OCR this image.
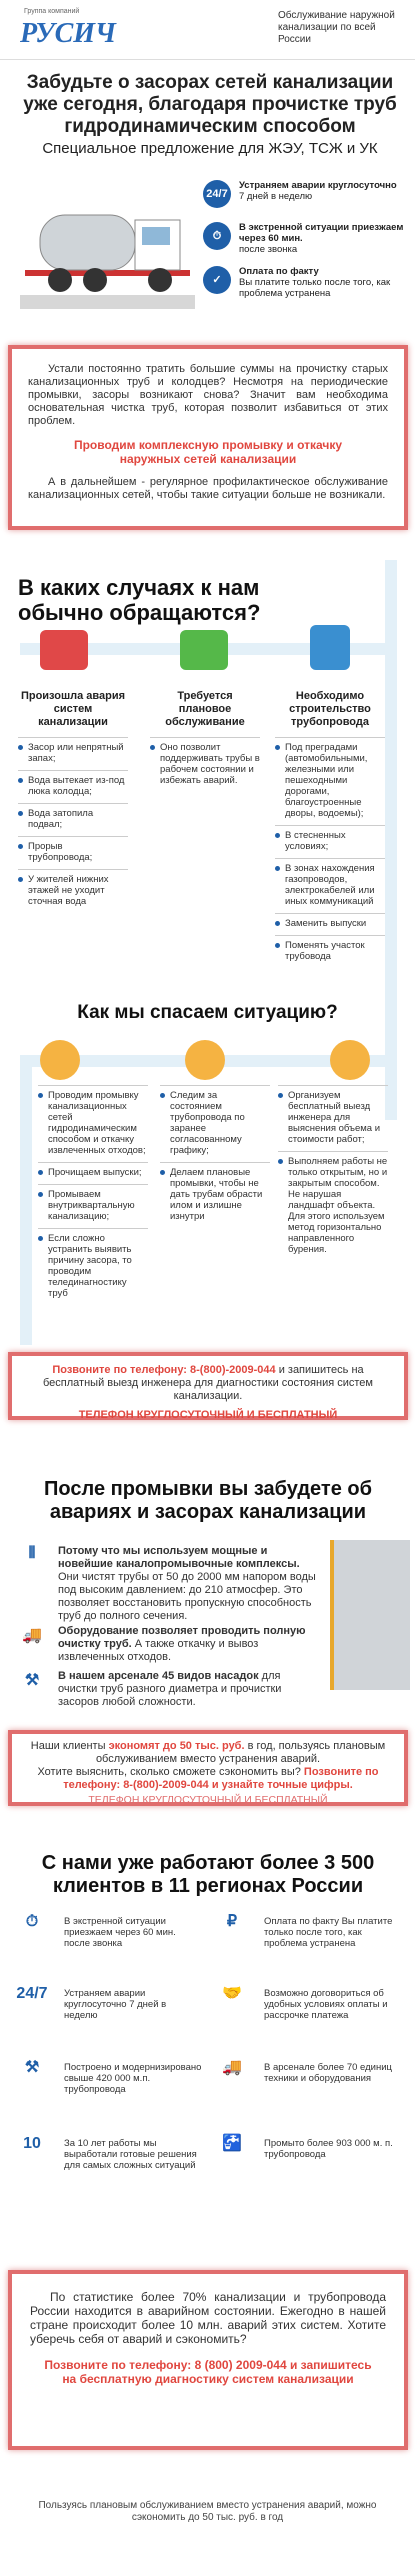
Группа компаний
РУСИЧ
Обслуживание наружной канализации по всей России
Забудьте о засорах сетей канализации уже сегодня, благодаря прочистке труб гидродинамическим способом
Специальное предложение для ЖЭУ, ТСЖ и УК
24/7
Устраняем аварии круглосуточно
7 дней в неделю
⏱
В экстренной ситуации приезжаем через 60 мин.
после звонка
✓
Оплата по факту
Вы платите только после того, как проблема устранена

Устали постоянно тратить большие суммы на прочистку старых канализационных труб и колодцев? Несмотря на периодические промывки, засоры возникают снова? Значит вам необходима основательная чистка труб, которая позволит избавиться от этих проблем.

Проводим комплексную промывку и откачку наружных сетей канализации

А в дальнейшем - регулярное профилактическое обслуживание канализационных сетей, чтобы такие ситуации больше не возникали.

В каких случаях к нам обычно обращаются?
Произошла авария систем канализации
Засор или непрятный запах;
Вода вытекает из-под люка колодца;
Вода затопила подвал;
Прорыв трубопровода;
У жителей нижних этажей не уходит сточная вода
Требуется плановое обслуживание
Оно позволит поддерживать трубы в рабочем состоянии и избежать аварий.
Необходимо строительство трубопровода
Под преградами (автомобильными, железными или пешеходными дорогами, благоустроенные дворы, водоемы);
В стесненных условиях;
В зонах нахождения газопроводов, электрокабелей или иных коммуникаций
Заменить выпуски
Поменять участок трубовода
Как мы спасаем ситуацию?
Проводим промывку канализационных сетей гидродинамическим способом и откачку извлеченных отходов;
Прочищаем выпуски;
Промываем внутриквартальную канализацию;
Если сложно устранить выявить причину засора, то проводим телединагностику труб
Следим за состоянием трубопровода по заранее согласованному графику;
Делаем плановые промывки, чтобы не дать трубам обрасти илом и излишне изнутри
Организуем бесплатный выезд инженера для выяснения объема и стоимости работ;
Выполняем работы не только открытым, но и закрытым способом. Не нарушая ландшафт объекта. Для этого используем метод горизонтально направленного бурения.

Позвоните по телефону: 8-(800)-2009-044 и запишитесь на бесплатный выезд инженера для диагностики состояния систем канализации.

ТЕЛЕФОН КРУГЛОСУТОЧНЫЙ И БЕСПЛАТНЫЙ

После промывки вы забудете об авариях и засорах канализации
⫴	Потому что мы используем мощные и новейшие каналопромывочные комплексы. Они чистят трубы от 50 до 2000 мм напором воды под высоким давлением: до 210 атмосфер. Это позволяет восстановить пропускную способность труб до полного сечения.

🚚	Оборудование позволяет проводить полную очистку труб. А также откачку и вывоз извлеченных отходов.

⚒	В нашем арсенале 45 видов насадок для очистки труб разного диаметра и прочистки засоров любой сложности.

Наши клиенты экономят до 50 тыс. руб. в год, пользуясь плановым обслуживанием вместо устранения аварий.

Хотите выяснить, сколько сможете сэкономить вы? Позвоните по телефону: 8-(800)-2009-044 и узнайте точные цифры.

ТЕЛЕФОН КРУГЛОСУТОЧНЫЙ И БЕСПЛАТНЫЙ

С нами уже работают более 3 500 клиентов в 11 регионах России
⏱	В экстренной ситуации приезжаем через 60 мин. после звонка
₽	Оплата по факту Вы платите только после того, как проблема устранена
24/7	Устраняем аварии круглосуточно 7 дней в неделю
🤝	Возможно договориться об удобных условиях оплаты и рассрочке платежа
⚒	Построено и модернизировано свыше 420 000 м.п. трубопровода
🚚	В арсенале более 70 единиц техники и оборудования
10	За 10 лет работы мы выработали готовые решения для самых сложных ситуаций
🚰	Промыто более 903 000 м. п. трубопровода

По статистике более 70% канализации и трубопровода России находится в аварийном состоянии. Ежегодно в нашей стране происходит более 10 млн. аварий этих систем. Хотите уберечь себя от аварий и сэкономить?

Позвоните по телефону: 8 (800) 2009-044 и запишитесь на бесплатную диагностику систем канализации

Пользуясь плановым обслуживанием вместо устранения аварий, можно сэкономить до 50 тыс. руб. в год
